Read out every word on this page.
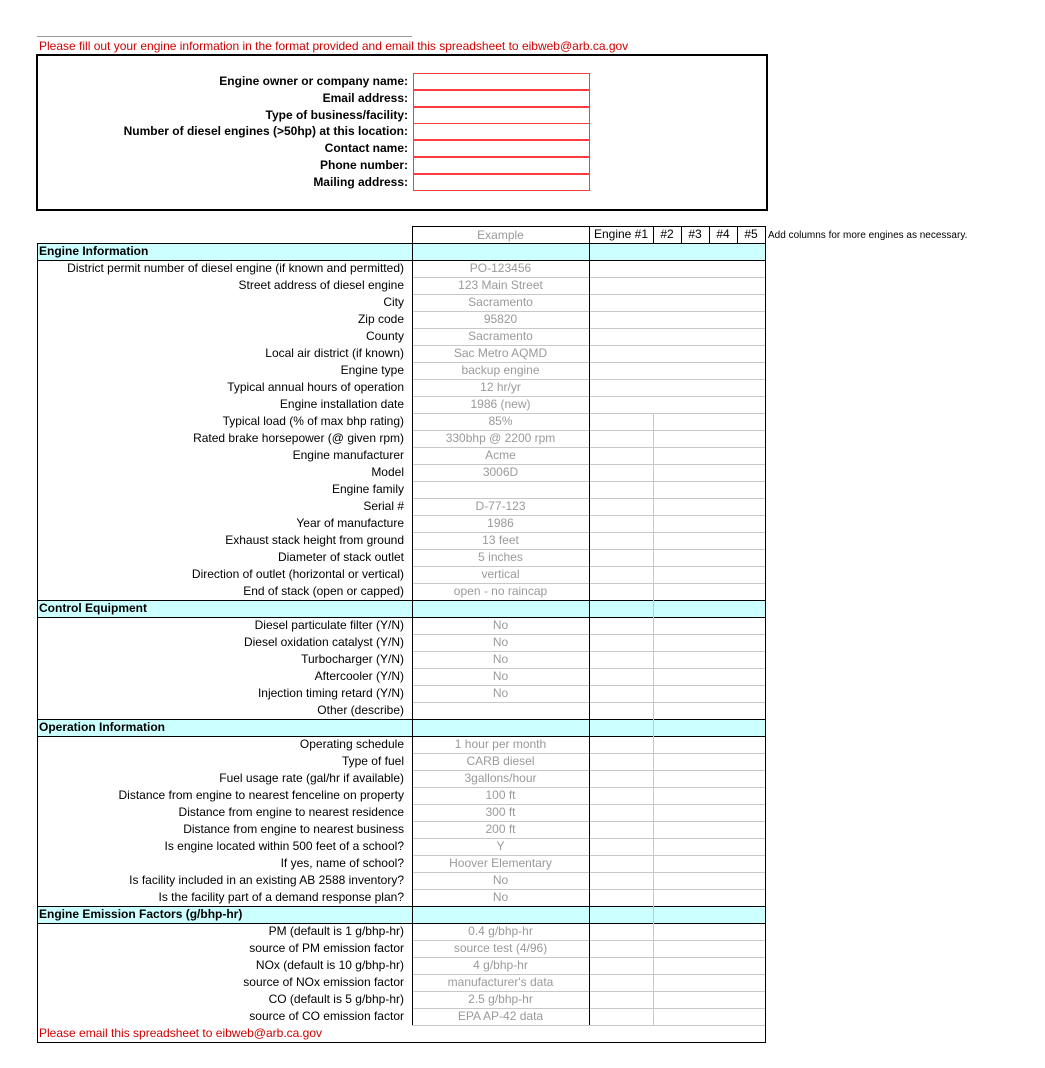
Please fill out your engine information in the format provided and email this spreadsheet to eibweb@arb.ca.gov
Engine owner or company name:
Email address:
Type of business/facility:
Number of diesel engines (>50hp) at this location:
Contact name:
Phone number:
Mailing address:
Example	Engine #1	#2	#3	#4	#5
Engine Information
District permit number of diesel engine (if known and permitted)	PO-123456
Street address of diesel engine	123 Main Street
City	Sacramento
Zip code	95820
County	Sacramento
Local air district (if known)	Sac Metro AQMD
Engine type	backup engine
Typical annual hours of operation	12 hr/yr
Engine installation date	1986 (new)
Typical load (% of max bhp rating)	85%
Rated brake horsepower (@ given rpm)	330bhp @ 2200 rpm
Engine manufacturer	Acme
Model	3006D
Engine family
Serial #	D-77-123
Year of manufacture	1986
Exhaust stack height from ground	13 feet
Diameter of stack outlet	5 inches
Direction of outlet (horizontal or vertical)	vertical
End of stack (open or capped)	open - no raincap
Control Equipment
Diesel particulate filter (Y/N)	No
Diesel oxidation catalyst (Y/N)	No
Turbocharger (Y/N)	No
Aftercooler (Y/N)	No
Injection timing retard (Y/N)	No
Other (describe)
Operation Information
Operating schedule	1 hour per month
Type of fuel	CARB diesel
Fuel usage rate (gal/hr if available)	3gallons/hour
Distance from engine to nearest fenceline on property	100 ft
Distance from engine to nearest residence	300 ft
Distance from engine to nearest business	200 ft
Is engine located within 500 feet of a school?	Y
If yes, name of school?	Hoover Elementary
Is facility included in an existing AB 2588 inventory?	No
Is the facility part of a demand response plan?	No
Engine Emission Factors (g/bhp-hr)
PM (default is 1 g/bhp-hr)	0.4 g/bhp-hr
source of PM emission factor	source test (4/96)
NOx (default is 10 g/bhp-hr)	4 g/bhp-hr
source of NOx emission factor	manufacturer's data
CO (default is 5 g/bhp-hr)	2.5 g/bhp-hr
source of CO emission factor	EPA AP-42 data
Please email this spreadsheet to eibweb@arb.ca.gov
Add columns for more engines as necessary.
